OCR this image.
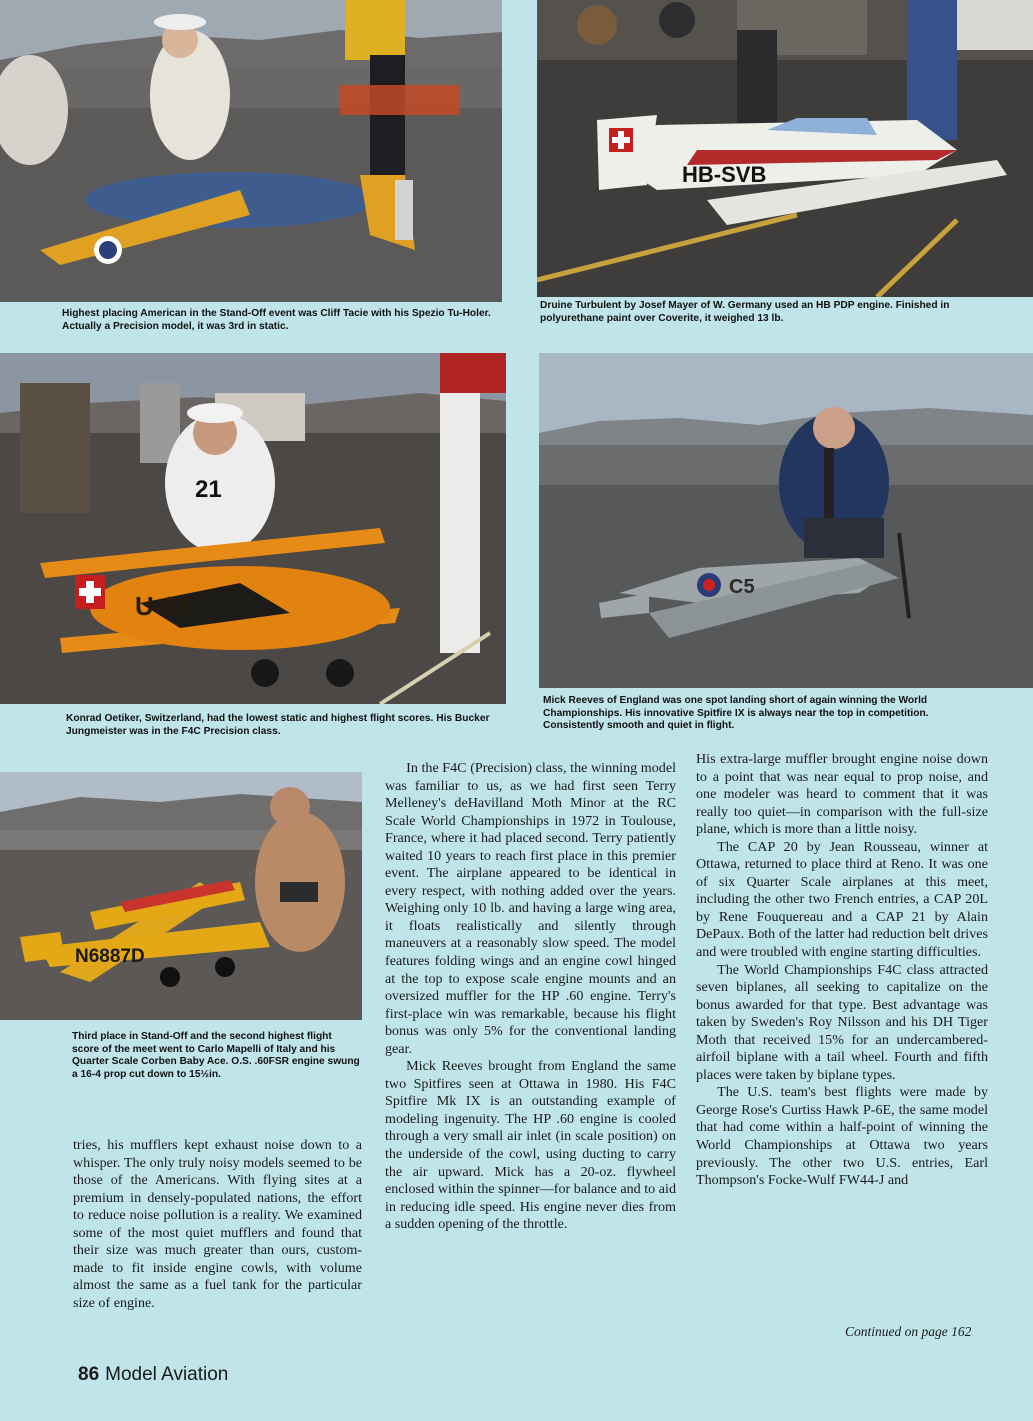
Highest placing American in the Stand-Off event was Cliff Tacie with his Spezio Tu-Holer. Actually a Precision model, it was 3rd in static.
HB-SVB
Druine Turbulent by Josef Mayer of W. Germany used an HB PDP engine. Finished in polyurethane paint over Coverite, it weighed 13 lb.
21
U-61
Konrad Oetiker, Switzerland, had the lowest static and highest flight scores. His Bucker Jungmeister was in the F4C Precision class.
C5
Mick Reeves of England was one spot landing short of again winning the World Championships. His innovative Spitfire IX is always near the top in competition. Consistently smooth and quiet in flight.
N6887D
Third place in Stand-Off and the second highest flight score of the meet went to Carlo Mapelli of Italy and his Quarter Scale Corben Baby Ace. O.S. .60FSR engine swung a 16-4 prop cut down to 15½in.

tries, his mufflers kept exhaust noise down to a whisper. The only truly noisy models seemed to be those of the Americans. With flying sites at a premium in densely-populated nations, the effort to reduce noise pollution is a reality. We examined some of the most quiet mufflers and found that their size was much greater than ours, custom-made to fit inside engine cowls, with volume almost the same as a fuel tank for the particular size of engine.

In the F4C (Precision) class, the winning model was familiar to us, as we had first seen Terry Melleney's deHavilland Moth Minor at the RC Scale World Championships in 1972 in Toulouse, France, where it had placed second. Terry patiently waited 10 years to reach first place in this premier event. The airplane appeared to be identical in every respect, with nothing added over the years. Weighing only 10 lb. and having a large wing area, it floats realistically and silently through maneuvers at a reasonably slow speed. The model features folding wings and an engine cowl hinged at the top to expose scale engine mounts and an oversized muffler for the HP .60 engine. Terry's first-place win was remarkable, because his flight bonus was only 5% for the conventional landing gear.

Mick Reeves brought from England the same two Spitfires seen at Ottawa in 1980. His F4C Spitfire Mk IX is an outstanding example of modeling ingenuity. The HP .60 engine is cooled through a very small air inlet (in scale position) on the underside of the cowl, using ducting to carry the air upward. Mick has a 20-oz. flywheel enclosed within the spinner—for balance and to aid in reducing idle speed. His engine never dies from a sudden opening of the throttle.

His extra-large muffler brought engine noise down to a point that was near equal to prop noise, and one modeler was heard to comment that it was really too quiet—in comparison with the full-size plane, which is more than a little noisy.

The CAP 20 by Jean Rousseau, winner at Ottawa, returned to place third at Reno. It was one of six Quarter Scale airplanes at this meet, including the other two French entries, a CAP 20L by Rene Fouquereau and a CAP 21 by Alain DePaux. Both of the latter had reduction belt drives and were troubled with engine starting difficulties.

The World Championships F4C class attracted seven biplanes, all seeking to capitalize on the bonus awarded for that type. Best advantage was taken by Sweden's Roy Nilsson and his DH Tiger Moth that received 15% for an undercambered-airfoil biplane with a tail wheel. Fourth and fifth places were taken by biplane types.

The U.S. team's best flights were made by George Rose's Curtiss Hawk P-6E, the same model that had come within a half-point of winning the World Championships at Ottawa two years previously. The other two U.S. entries, Earl Thompson's Focke-Wulf FW44-J and

Continued on page 162
86 Model Aviation
